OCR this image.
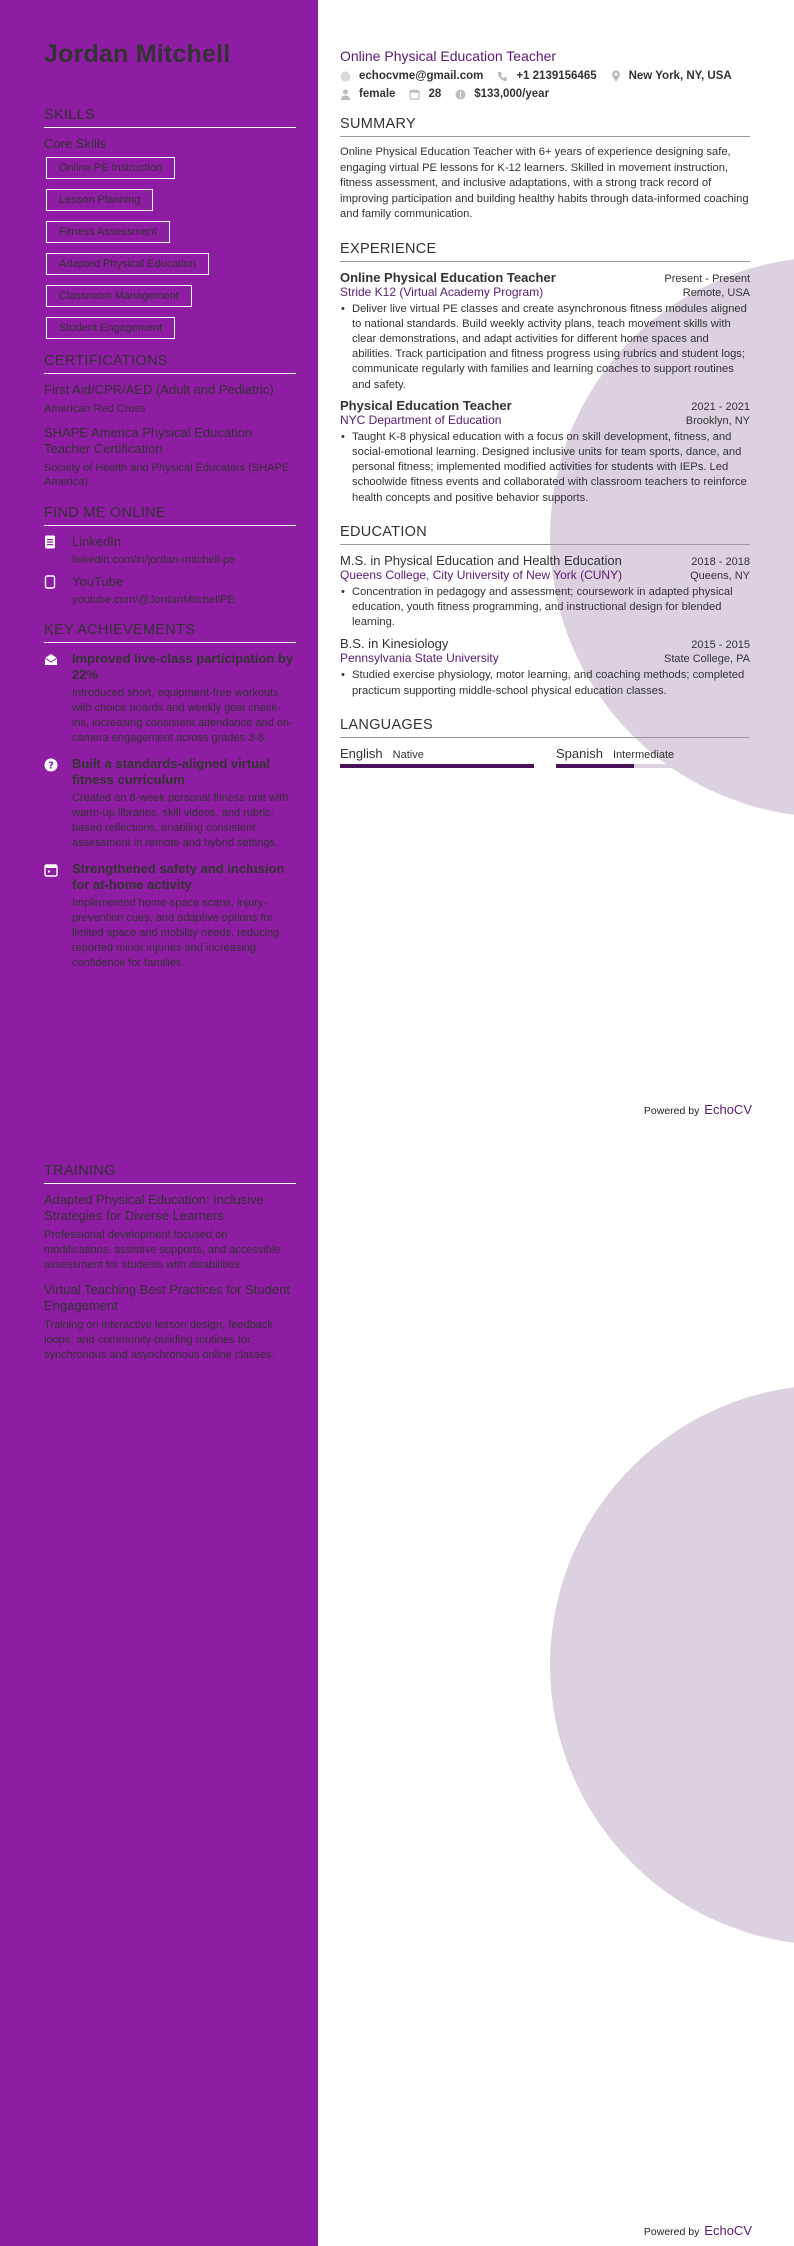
Jordan Mitchell
SKILLS
Core Skills
Online PE Instruction
Lesson Planning
Fitness Assessment
Adapted Physical Education
Classroom Management
Student Engagement
CERTIFICATIONS
First Aid/CPR/AED (Adult and Pediatric)
American Red Cross
SHAPE America Physical Education Teacher Certification
Society of Health and Physical Educators (SHAPE America)
FIND ME ONLINE
LinkedIn
linkedin.com/in/jordan-mitchell-pe
YouTube
youtube.com/@JordanMitchellPE
KEY ACHIEVEMENTS
Improved live-class participation by 22%
Introduced short, equipment-free workouts with choice boards and weekly goal check-ins, increasing consistent attendance and on-camera engagement across grades 3-8.
? Built a standards-aligned virtual fitness curriculum
Created an 8-week personal fitness unit with warm-up libraries, skill videos, and rubric-based reflections, enabling consistent assessment in remote and hybrid settings.
Strengthened safety and inclusion for at-home activity
Implemented home-space scans, injury-prevention cues, and adaptive options for limited space and mobility needs, reducing reported minor injuries and increasing confidence for families.
Online Physical Education Teacher
echocvme@gmail.com	+1 2139156465	New York, NY, USA
female	28	$133,000/year
SUMMARY
Online Physical Education Teacher with 6+ years of experience designing safe, engaging virtual PE lessons for K-12 learners. Skilled in movement instruction, fitness assessment, and inclusive adaptations, with a strong track record of improving participation and building healthy habits through data-informed coaching and family communication.
EXPERIENCE
Online Physical Education Teacher	Present - Present
Stride K12 (Virtual Academy Program)	Remote, USA
• Deliver live virtual PE classes and create asynchronous fitness modules aligned to national standards. Build weekly activity plans, teach movement skills with clear demonstrations, and adapt activities for different home spaces and abilities. Track participation and fitness progress using rubrics and student logs; communicate regularly with families and learning coaches to support routines and safety.
Physical Education Teacher	2021 - 2021
NYC Department of Education	Brooklyn, NY
• Taught K-8 physical education with a focus on skill development, fitness, and social-emotional learning. Designed inclusive units for team sports, dance, and personal fitness; implemented modified activities for students with IEPs. Led schoolwide fitness events and collaborated with classroom teachers to reinforce health concepts and positive behavior supports.
EDUCATION
M.S. in Physical Education and Health Education	2018 - 2018
Queens College, City University of New York (CUNY)	Queens, NY
• Concentration in pedagogy and assessment; coursework in adapted physical education, youth fitness programming, and instructional design for blended learning.
B.S. in Kinesiology	2015 - 2015
Pennsylvania State University	State College, PA
• Studied exercise physiology, motor learning, and coaching methods; completed practicum supporting middle-school physical education classes.
LANGUAGES
English Native	Spanish Intermediate
Powered by EchoCV
TRAINING
Adapted Physical Education: Inclusive Strategies for Diverse Learners
Professional development focused on modifications, assistive supports, and accessible assessment for students with disabilities.
Virtual Teaching Best Practices for Student Engagement
Training on interactive lesson design, feedback loops, and community-building routines for synchronous and asynchronous online classes.
Powered by EchoCV
